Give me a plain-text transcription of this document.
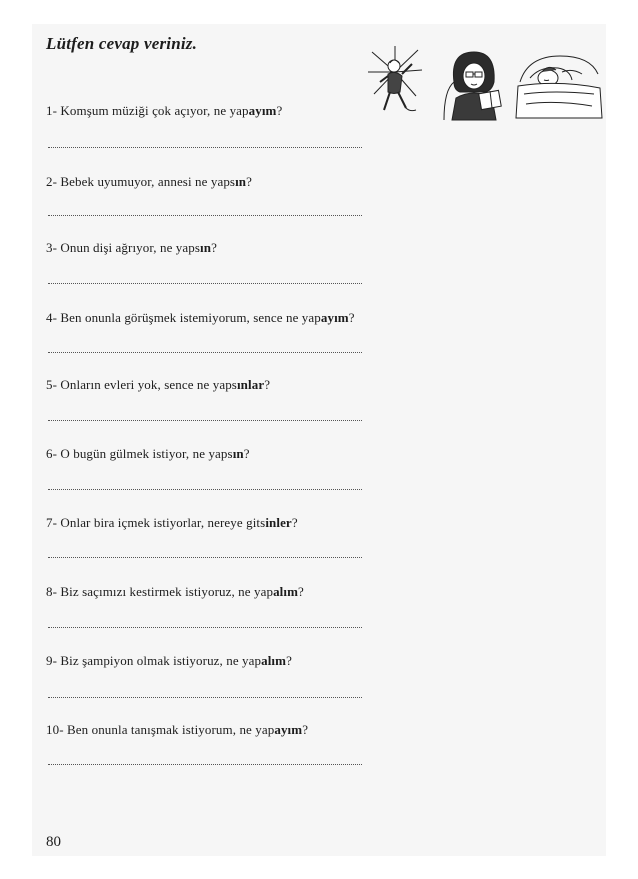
Lütfen cevap veriniz.
1- Komşum müziği çok açıyor, ne yapayım?
2- Bebek uyumuyor, annesi ne yapsın?
3- Onun dişi ağrıyor, ne yapsın?
4- Ben onunla görüşmek istemiyorum, sence ne yapayım?
5- Onların evleri yok, sence ne yapsınlar?
6- O bugün gülmek istiyor, ne yapsın?
7- Onlar bira içmek istiyorlar, nereye gitsinler?
8- Biz saçımızı kestirmek istiyoruz, ne yapalım?
9- Biz şampiyon olmak istiyoruz, ne yapalım?
10- Ben onunla tanışmak istiyorum, ne yapayım?
80
